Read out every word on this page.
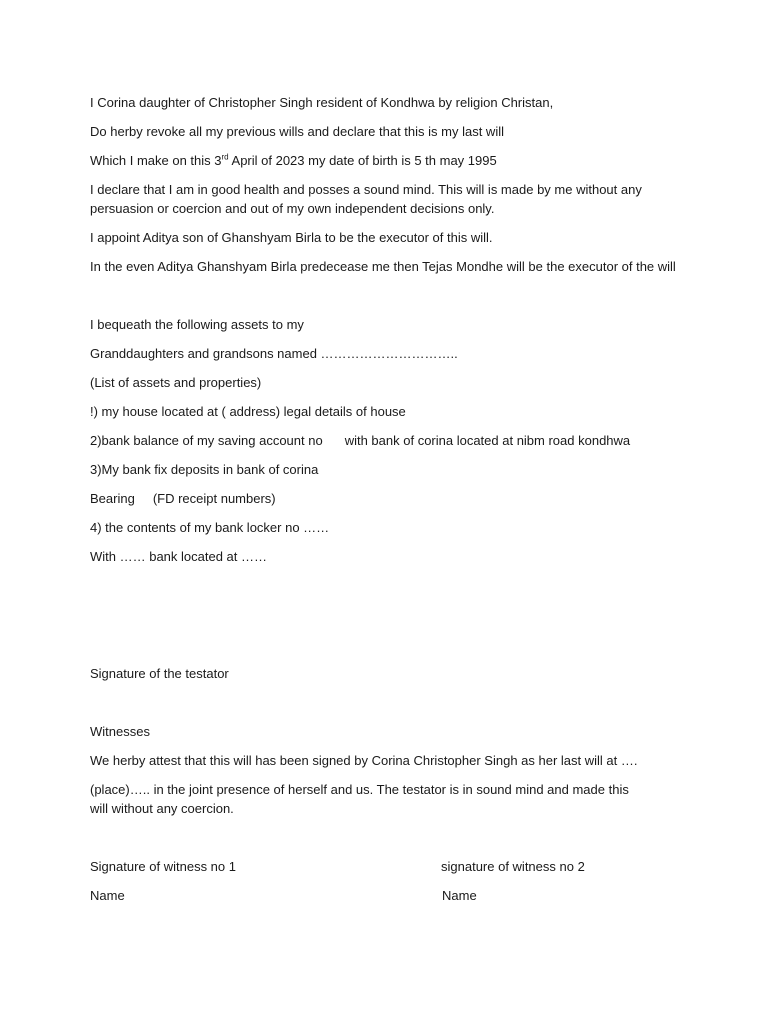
I Corina daughter of Christopher Singh resident of Kondhwa by religion Christan,
Do herby revoke all my previous wills and declare that this is my last will
Which I make on this 3rd April of 2023 my date of birth is 5 th may 1995
I declare that I am in good health and posses a sound mind. This will is made by me without any persuasion or coercion and out of my own independent decisions only.
I appoint Aditya son of Ghanshyam Birla to be the executor of this will.
In the even Aditya Ghanshyam Birla predecease me then Tejas Mondhe will be the executor of the will
I bequeath the following assets to my
Granddaughters and grandsons named …………………………..
(List of assets and properties)
!) my house located at ( address) legal details of house
2)bank balance of my saving account no with bank of corina located at nibm road kondhwa
3)My bank fix deposits in bank of corina
Bearing (FD receipt numbers)
4) the contents of my bank locker no ……
With …… bank located at ……
Signature of the testator
Witnesses
We herby attest that this will has been signed by Corina Christopher Singh as her last will at ….
(place)….. in the joint presence of herself and us. The testator is in sound mind and made this will without any coercion.
Signature of witness no 1	signature of witness no 2
Name	Name
